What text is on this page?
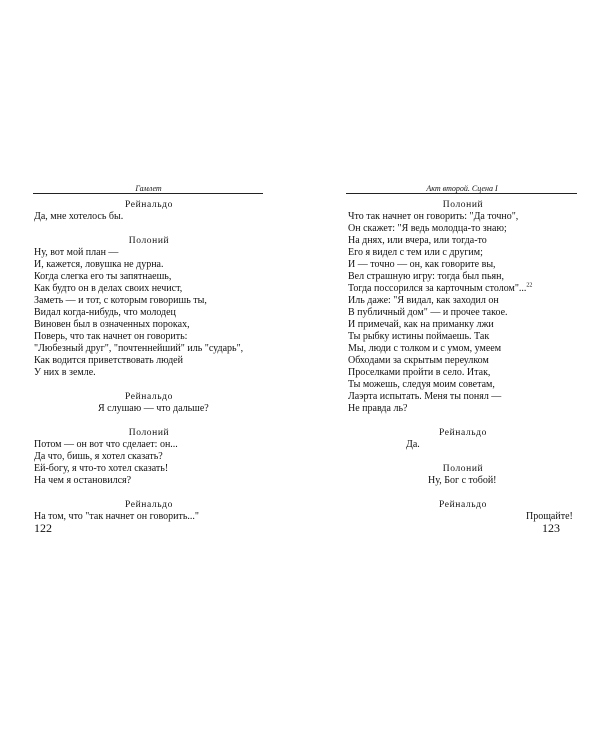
Гамлет
Рейнальдо
Да, мне хотелось бы.
Полоний
Ну, вот мой план —
И, кажется, ловушка не дурна.
Когда слегка его ты запятнаешь,
Как будто он в делах своих нечист,
Заметь — и тот, с которым говоришь ты,
Видал когда-нибудь, что молодец
Виновен был в означенных пороках,
Поверь, что так начнет он говорить:
"Любезный друг", "почтеннейший" иль "сударь",
Как водится приветствовать людей
У них в земле.
Рейнальдо
Я слушаю — что дальше?
Полоний
Потом — он вот что сделает: он...
Да что, бишь, я хотел сказать?
Ей-богу, я что-то хотел сказать!
На чем я остановился?
Рейнальдо
На том, что "так начнет он говорить..."
122
Акт второй. Сцена I
Полоний
Что так начнет он говорить: "Да точно",
Он скажет: "Я ведь молодца-то знаю;
На днях, или вчера, или тогда-то
Его я видел с тем или с другим;
И — точно — он, как говорите вы,
Вел страшную игру: тогда был пьян,
Тогда поссорился за карточным столом"...$^{22}$
Иль даже: "Я видал, как заходил он
В публичный дом" — и прочее такое.
И примечай, как на приманку лжи
Ты рыбку истины поймаешь. Так
Мы, люди с толком и с умом, умеем
Обходами за скрытым переулком
Проселками пройти в село. Итак,
Ты можешь, следуя моим советам,
Лаэрта испытать. Меня ты понял —
Не правда ль?
Рейнальдо
Да.
Полоний
Ну, Бог с тобой!
Рейнальдо
Прощайте!
123
